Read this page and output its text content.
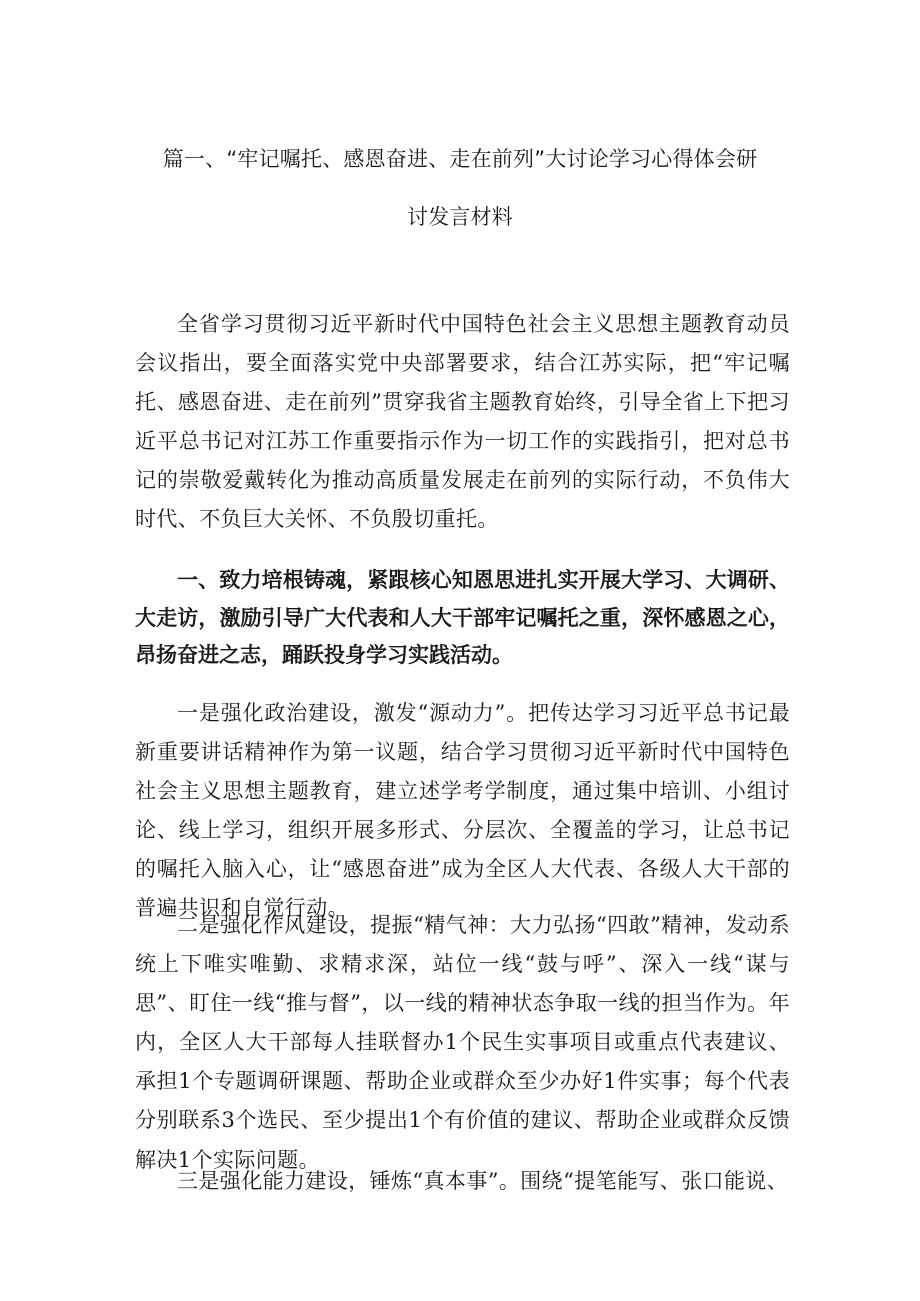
篇一、“牢记嘱托、感恩奋进、走在前列”大讨论学习心得体会研
讨发言材料

全省学习贯彻习近平新时代中国特色社会主义思想主题教育动员会议指出，要全面落实党中央部署要求，结合江苏实际，把“牢记嘱托、感恩奋进、走在前列”贯穿我省主题教育始终，引导全省上下把习近平总书记对江苏工作重要指示作为一切工作的实践指引，把对总书记的崇敬爱戴转化为推动高质量发展走在前列的实际行动，不负伟大时代、不负巨大关怀、不负殷切重托。

一、致力培根铸魂，紧跟核心知恩思进扎实开展大学习、大调研、大走访，激励引导广大代表和人大干部牢记嘱托之重，深怀感恩之心，昂扬奋进之志，踊跃投身学习实践活动。

一是强化政治建设，激发“源动力”。把传达学习习近平总书记最新重要讲话精神作为第一议题，结合学习贯彻习近平新时代中国特色社会主义思想主题教育，建立述学考学制度，通过集中培训、小组讨论、线上学习，组织开展多形式、分层次、全覆盖的学习，让总书记的嘱托入脑入心，让“感恩奋进”成为全区人大代表、各级人大干部的普遍共识和自觉行动。

二是强化作风建设，提振“精气神：大力弘扬“四敢”精神，发动系统上下唯实唯勤、求精求深，站位一线“鼓与呼”、深入一线“谋与思”、盯住一线“推与督”，以一线的精神状态争取一线的担当作为。年内，全区人大干部每人挂联督办1个民生实事项目或重点代表建议、承担1个专题调研课题、帮助企业或群众至少办好1件实事；每个代表分别联系3个选民、至少提出1个有价值的建议、帮助企业或群众反馈解决1个实际问题。

三是强化能力建设，锤炼“真本事”。围绕“提笔能写、张口能说、
